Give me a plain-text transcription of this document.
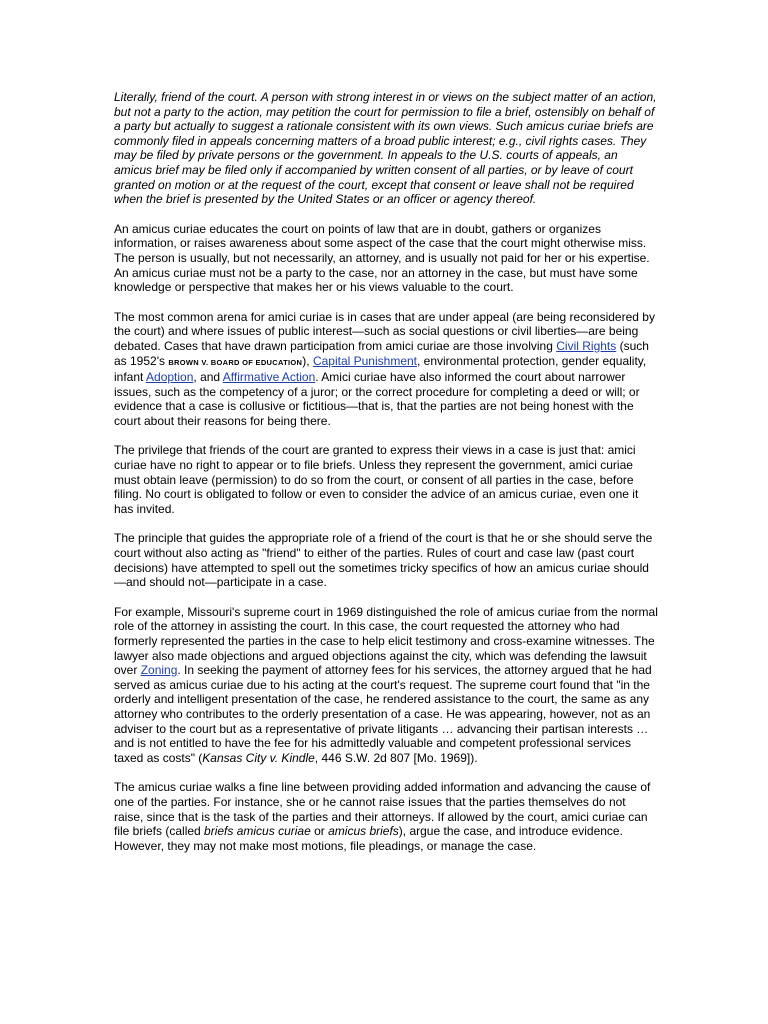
Literally, friend of the court. A person with strong interest in or views on the subject matter of an action, but not a party to the action, may petition the court for permission to file a brief, ostensibly on behalf of a party but actually to suggest a rationale consistent with its own views. Such amicus curiae briefs are commonly filed in appeals concerning matters of a broad public interest; e.g., civil rights cases. They may be filed by private persons or the government. In appeals to the U.S. courts of appeals, an amicus brief may be filed only if accompanied by written consent of all parties, or by leave of court granted on motion or at the request of the court, except that consent or leave shall not be required when the brief is presented by the United States or an officer or agency thereof.

An amicus curiae educates the court on points of law that are in doubt, gathers or organizes information, or raises awareness about some aspect of the case that the court might otherwise miss. The person is usually, but not necessarily, an attorney, and is usually not paid for her or his expertise. An amicus curiae must not be a party to the case, nor an attorney in the case, but must have some knowledge or perspective that makes her or his views valuable to the court.

The most common arena for amici curiae is in cases that are under appeal (are being reconsidered by the court) and where issues of public interest—such as social questions or civil liberties—are being debated. Cases that have drawn participation from amici curiae are those involving Civil Rights (such as 1952's BROWN V. BOARD OF EDUCATION), Capital Punishment, environmental protection, gender equality, infant Adoption, and Affirmative Action. Amici curiae have also informed the court about narrower issues, such as the competency of a juror; or the correct procedure for completing a deed or will; or evidence that a case is collusive or fictitious—that is, that the parties are not being honest with the court about their reasons for being there.

The privilege that friends of the court are granted to express their views in a case is just that: amici curiae have no right to appear or to file briefs. Unless they represent the government, amici curiae must obtain leave (permission) to do so from the court, or consent of all parties in the case, before filing. No court is obligated to follow or even to consider the advice of an amicus curiae, even one it has invited.

The principle that guides the appropriate role of a friend of the court is that he or she should serve the court without also acting as "friend" to either of the parties. Rules of court and case law (past court decisions) have attempted to spell out the sometimes tricky specifics of how an amicus curiae should—and should not—participate in a case.

For example, Missouri's supreme court in 1969 distinguished the role of amicus curiae from the normal role of the attorney in assisting the court. In this case, the court requested the attorney who had formerly represented the parties in the case to help elicit testimony and cross-examine witnesses. The lawyer also made objections and argued objections against the city, which was defending the lawsuit over Zoning. In seeking the payment of attorney fees for his services, the attorney argued that he had served as amicus curiae due to his acting at the court's request. The supreme court found that "in the orderly and intelligent presentation of the case, he rendered assistance to the court, the same as any attorney who contributes to the orderly presentation of a case. He was appearing, however, not as an adviser to the court but as a representative of private litigants … advancing their partisan interests … and is not entitled to have the fee for his admittedly valuable and competent professional services taxed as costs" (Kansas City v. Kindle, 446 S.W. 2d 807 [Mo. 1969]).

The amicus curiae walks a fine line between providing added information and advancing the cause of one of the parties. For instance, she or he cannot raise issues that the parties themselves do not raise, since that is the task of the parties and their attorneys. If allowed by the court, amici curiae can file briefs (called briefs amicus curiae or amicus briefs), argue the case, and introduce evidence. However, they may not make most motions, file pleadings, or manage the case.
